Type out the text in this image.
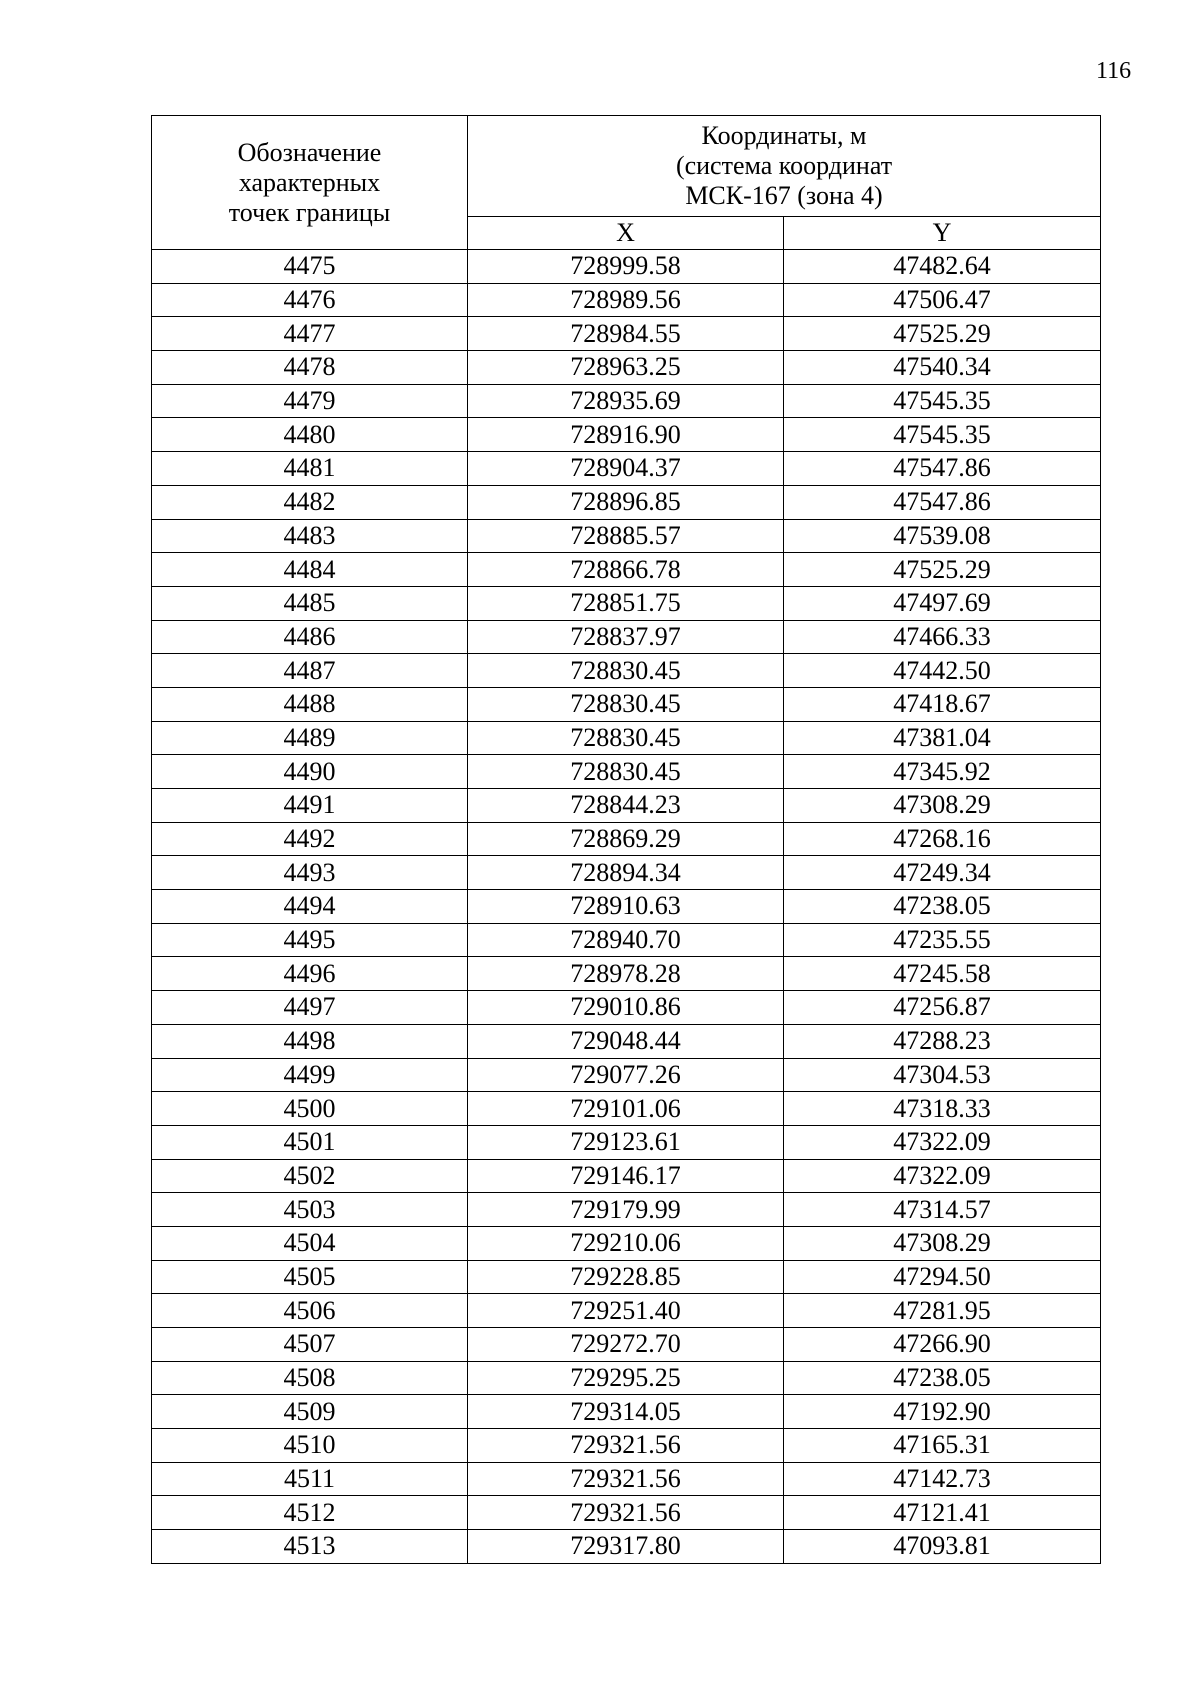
116
Обозначение
характерных
точек границы	Координаты, м
(система координат
МСК-167 (зона 4)	

	X	Y
4475	728999.58	47482.64
4476	728989.56	47506.47
4477	728984.55	47525.29
4478	728963.25	47540.34
4479	728935.69	47545.35
4480	728916.90	47545.35
4481	728904.37	47547.86
4482	728896.85	47547.86
4483	728885.57	47539.08
4484	728866.78	47525.29
4485	728851.75	47497.69
4486	728837.97	47466.33
4487	728830.45	47442.50
4488	728830.45	47418.67
4489	728830.45	47381.04
4490	728830.45	47345.92
4491	728844.23	47308.29
4492	728869.29	47268.16
4493	728894.34	47249.34
4494	728910.63	47238.05
4495	728940.70	47235.55
4496	728978.28	47245.58
4497	729010.86	47256.87
4498	729048.44	47288.23
4499	729077.26	47304.53
4500	729101.06	47318.33
4501	729123.61	47322.09
4502	729146.17	47322.09
4503	729179.99	47314.57
4504	729210.06	47308.29
4505	729228.85	47294.50
4506	729251.40	47281.95
4507	729272.70	47266.90
4508	729295.25	47238.05
4509	729314.05	47192.90
4510	729321.56	47165.31
4511	729321.56	47142.73
4512	729321.56	47121.41
4513	729317.80	47093.81
